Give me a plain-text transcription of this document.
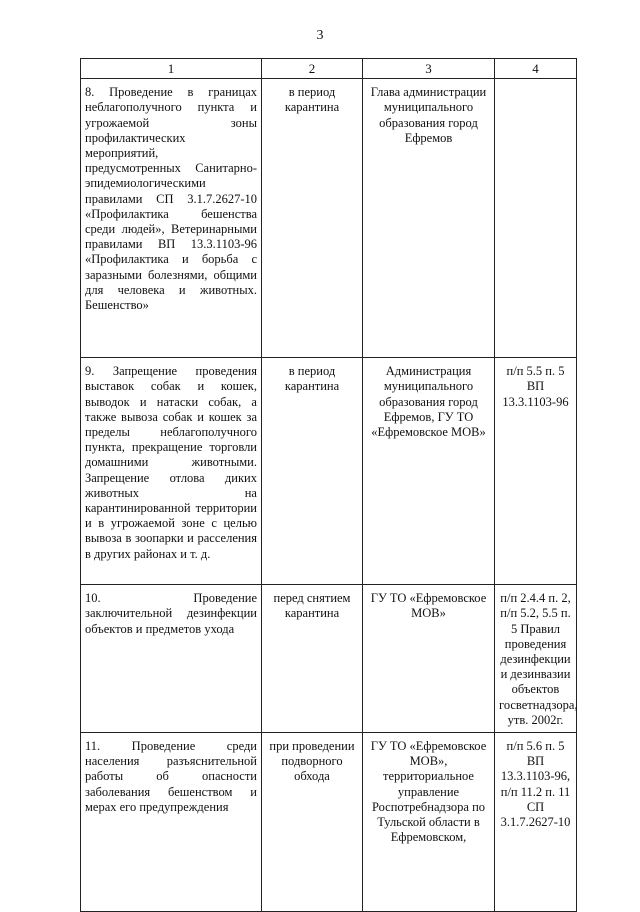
3
1	2	3	4
8. Проведение в границах неблагополучного пункта и угрожаемой зоны профилактических мероприятий, предусмотренных Санитарно-эпидемиологическими правилами СП 3.1.7.2627-10 «Профилактика бешенства среди людей», Ветеринарными правилами ВП 13.3.1103-96 «Профилактика и борьба с заразными болезнями, общими для человека и животных. Бешенство»	в период карантина	Глава администрации муниципального образования город Ефремов	
9. Запрещение проведения выставок собак и кошек, выводок и натаски собак, а также вывоза собак и кошек за пределы неблагополучного пункта, прекращение торговли домашними животными. Запрещение отлова диких животных на карантинированной территории и в угрожаемой зоне с целью вывоза в зоопарки и расселения в других районах и т. д.	в период карантина	Администрация муниципального образования город Ефремов, ГУ ТО «Ефремовское МОВ»	п/п 5.5 п. 5 ВП 13.3.1103-96
10. Проведение заключительной дезинфекции объектов и предметов ухода	перед снятием карантина	ГУ ТО «Ефремовское МОВ»	п/п 2.4.4 п. 2, п/п 5.2, 5.5 п. 5 Правил проведения дезинфекции и дезинвазии объектов госветнадзора, утв. 2002г.
11. Проведение среди населения разъяснительной работы об опасности заболевания бешенством и мерах его предупреждения	при проведении подворного обхода	ГУ ТО «Ефремовское МОВ», территориальное управление Роспотребнадзора по Тульской области в Ефремовском,	п/п 5.6 п. 5 ВП 13.3.1103-96, п/п 11.2 п. 11 СП 3.1.7.2627-10
